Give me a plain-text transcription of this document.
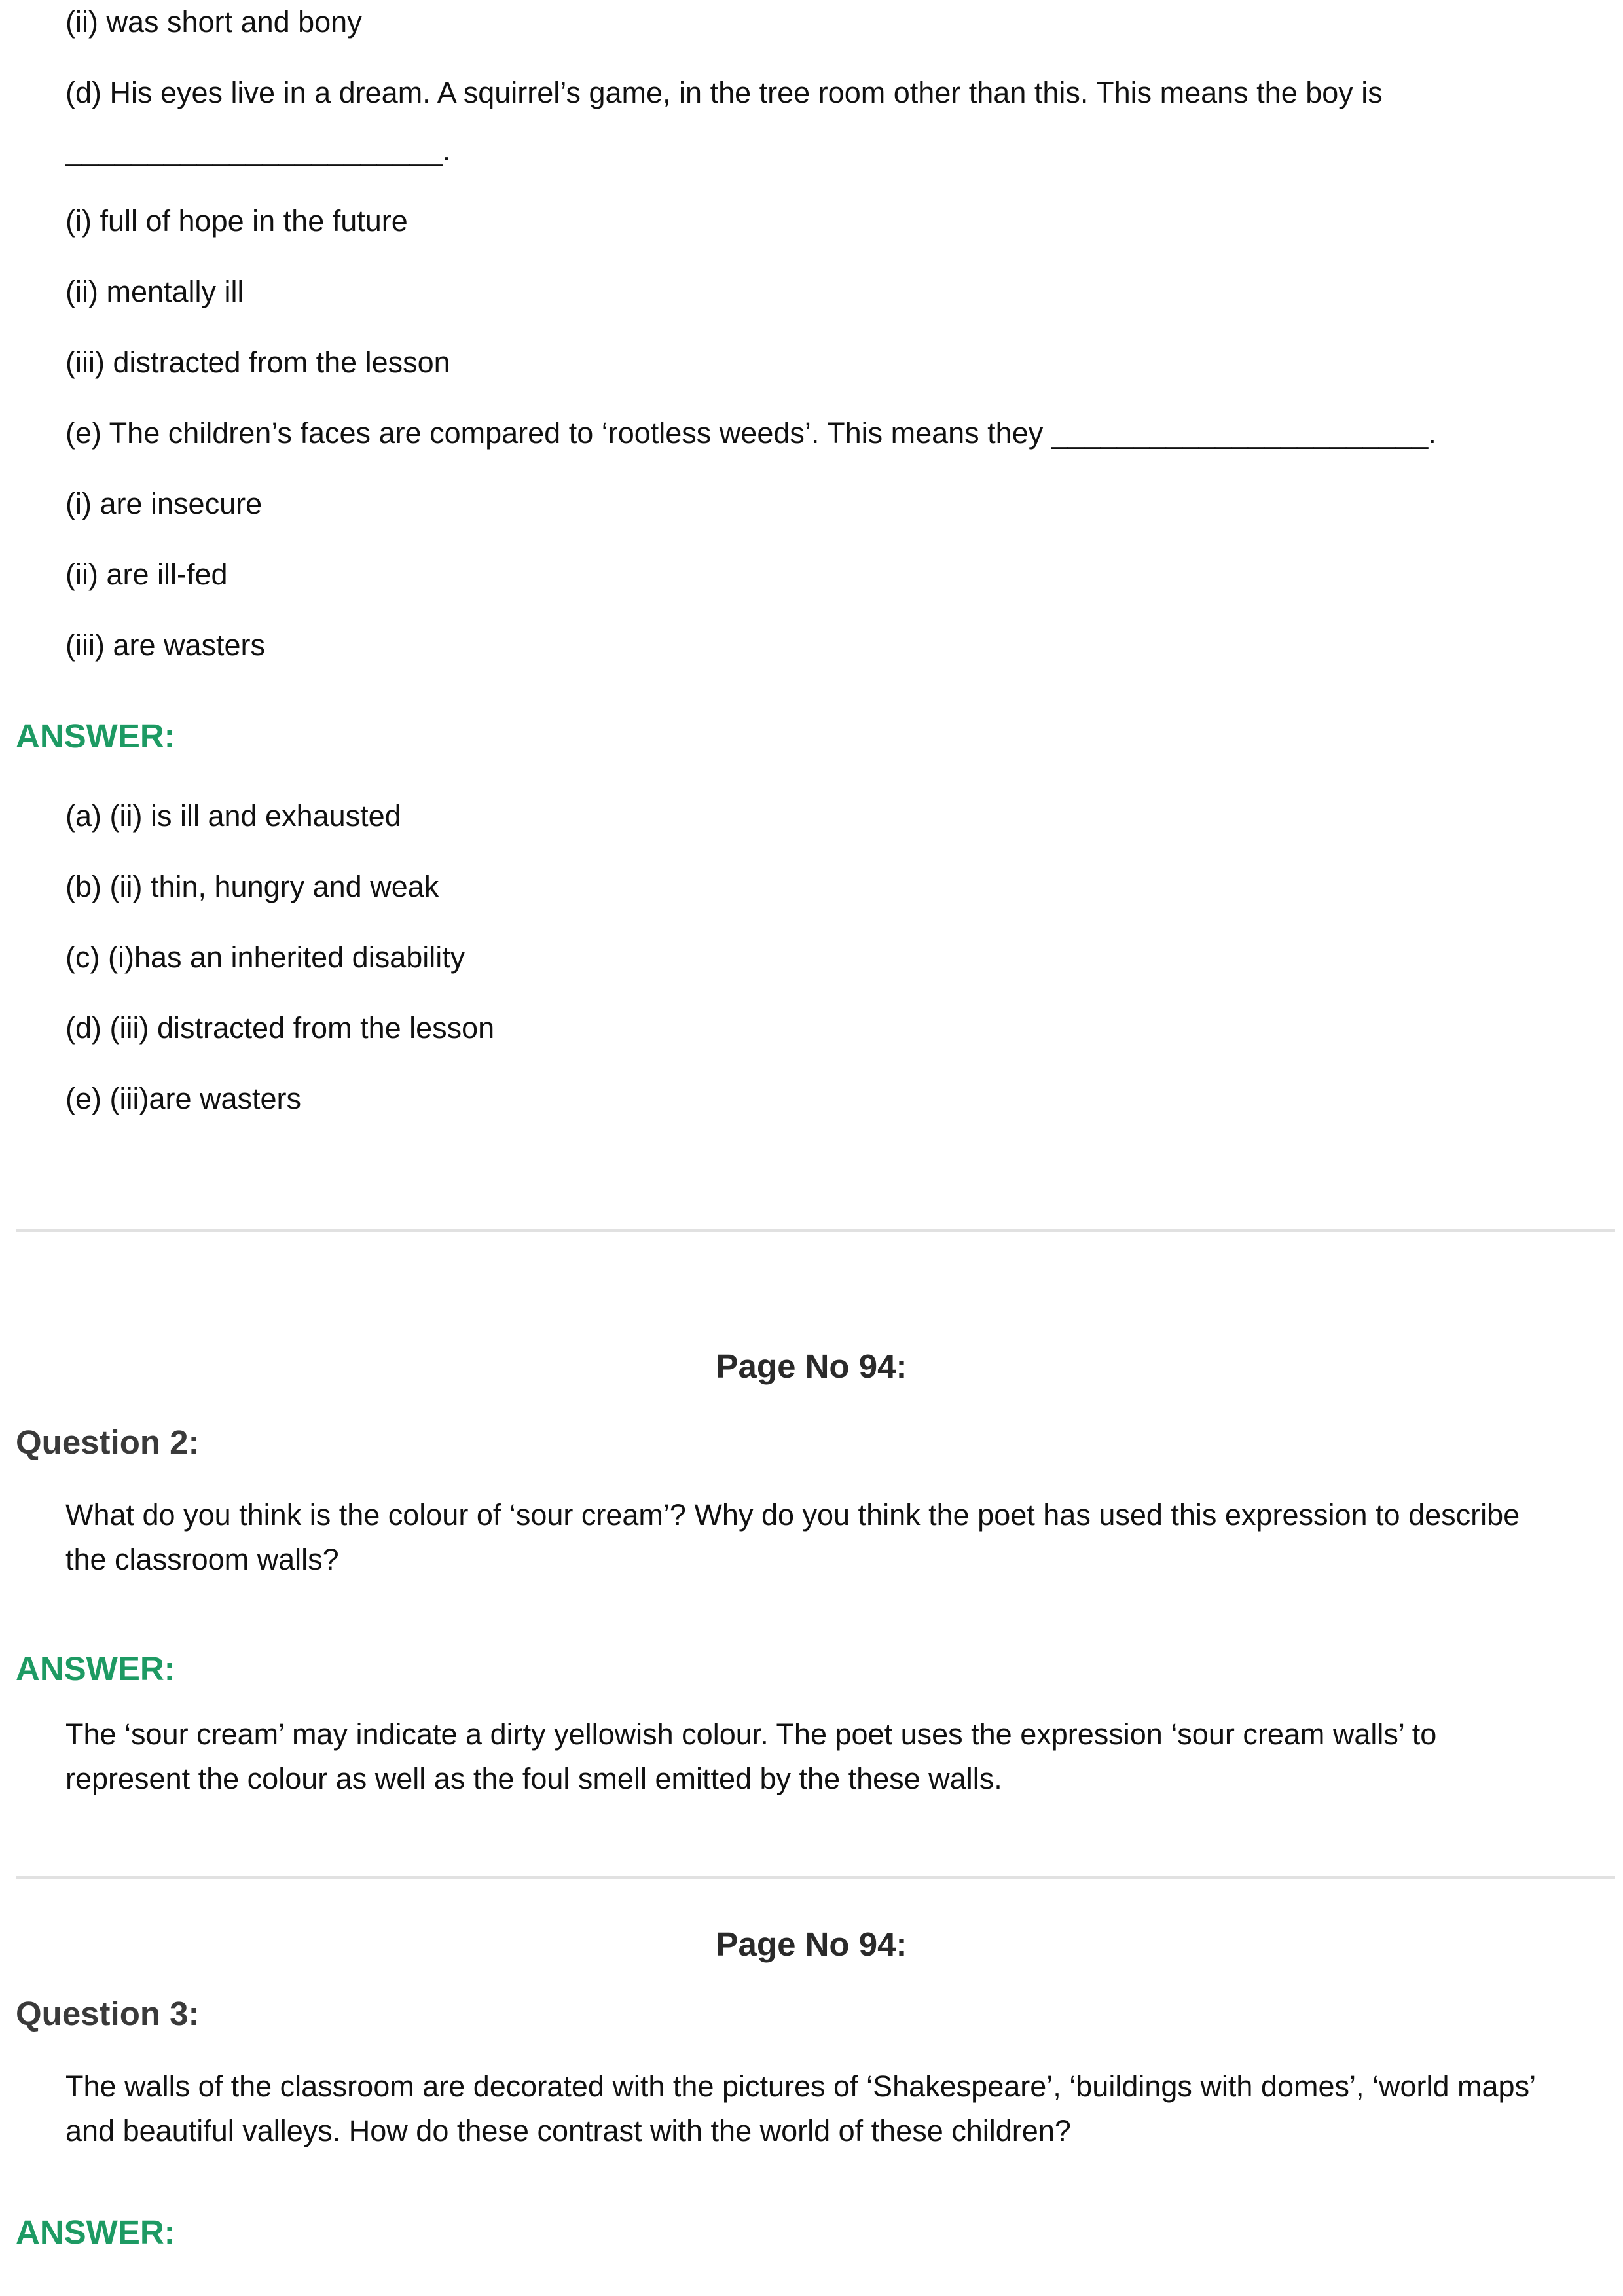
(ii) was short and bony
(d) His eyes live in a dream. A squirrel’s game, in the tree room other than this. This means the boy is
_______________________.
(i) full of hope in the future
(ii) mentally ill
(iii) distracted from the lesson
(e) The children’s faces are compared to ‘rootless weeds’. This means they _______________________.
(i) are insecure
(ii) are ill-fed
(iii) are wasters
ANSWER:
(a) (ii) is ill and exhausted
(b) (ii) thin, hungry and weak
(c) (i)has an inherited disability
(d) (iii) distracted from the lesson
(e) (iii)are wasters
Page No 94:
Question 2:
What do you think is the colour of ‘sour cream’? Why do you think the poet has used this expression to describe
the classroom walls?
ANSWER:
The ‘sour cream’ may indicate a dirty yellowish colour. The poet uses the expression ‘sour cream walls’ to
represent the colour as well as the foul smell emitted by the these walls.
Page No 94:
Question 3:
The walls of the classroom are decorated with the pictures of ‘Shakespeare’, ‘buildings with domes’, ‘world maps’
and beautiful valleys. How do these contrast with the world of these children?
ANSWER:
